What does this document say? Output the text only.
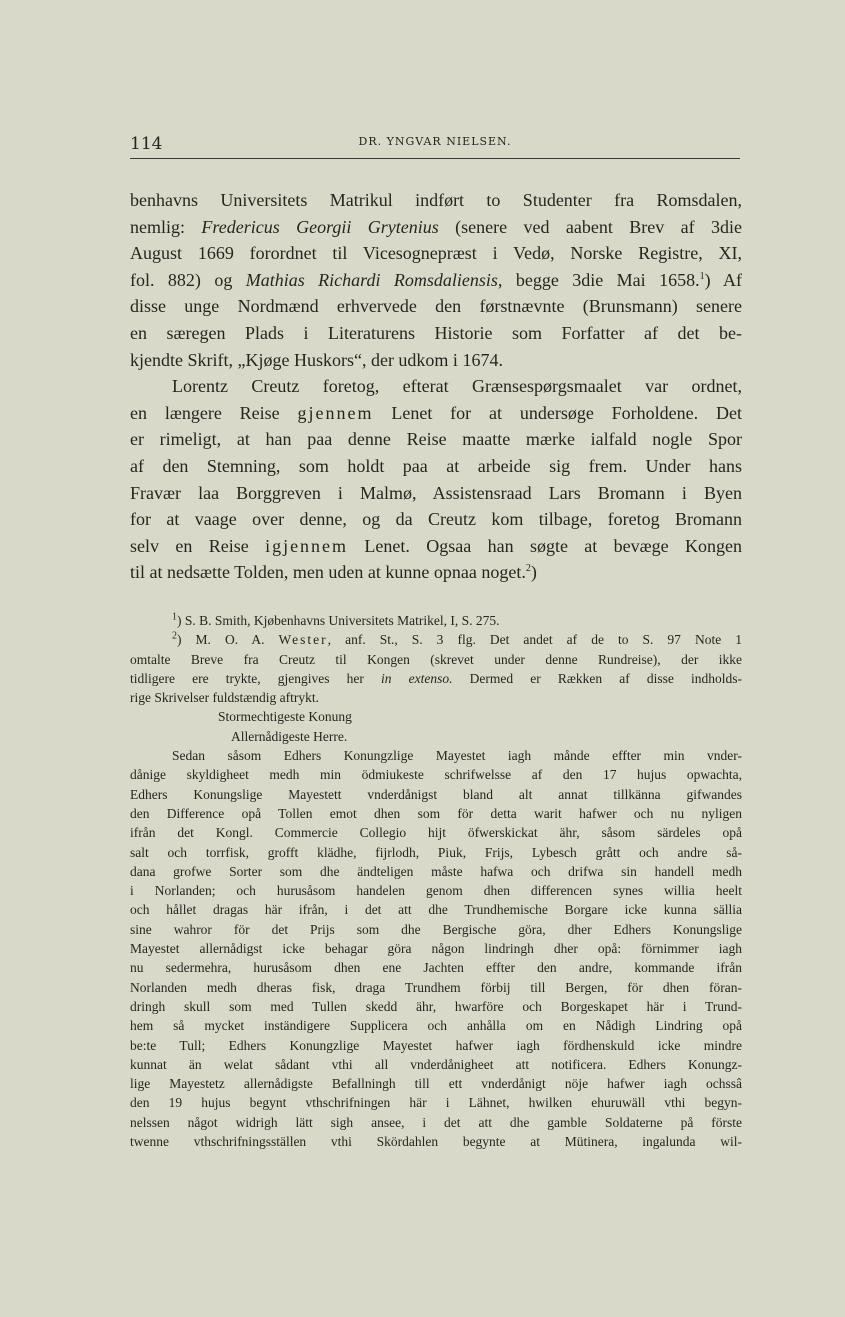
114	DR. YNGVAR NIELSEN.
benhavns Universitets Matrikul indført to Studenter fra Romsdalen,
nemlig: Fredericus Georgii Grytenius (senere ved aabent Brev af 3die
August 1669 forordnet til Vicesognepræst i Vedø, Norske Registre, XI,
fol. 882) og Mathias Richardi Romsdaliensis, begge 3die Mai 1658.$^1$) Af
disse unge Nordmænd erhvervede den førstnævnte (Brunsmann) senere
en særegen Plads i Literaturens Historie som Forfatter af det be-
kjendte Skrift, „Kjøge Huskors“, der udkom i 1674.
Lorentz Creutz foretog, efterat Grænsespørgsmaalet var ordnet,
en længere Reise gjennem Lenet for at undersøge Forholdene. Det
er rimeligt, at han paa denne Reise maatte mærke ialfald nogle Spor
af den Stemning, som holdt paa at arbeide sig frem. Under hans
Fravær laa Borggreven i Malmø, Assistensraad Lars Bromann i Byen
for at vaage over denne, og da Creutz kom tilbage, foretog Bromann
selv en Reise igjennem Lenet. Ogsaa han søgte at bevæge Kongen
til at nedsætte Tolden, men uden at kunne opnaa noget.$^2$)
$^1$) S. B. Smith, Kjøbenhavns Universitets Matrikel, I, S. 275.
$^2$) M. O. A. Wester, anf. St., S. 3 flg. Det andet af de to S. 97 Note 1
omtalte Breve fra Creutz til Kongen (skrevet under denne Rundreise), der ikke
tidligere ere trykte, gjengives her in extenso. Dermed er Rækken af disse indholds-
rige Skrivelser fuldstændig aftrykt.
Stormechtigeste Konung
Allernådigeste Herre.
Sedan såsom Edhers Konungzlige Mayestet iagh månde effter min vnder-
dånige skyldigheet medh min ödmiukeste schrifwelsse af den 17 hujus opwachta,
Edhers Konungslige Mayestett vnderdånigst bland alt annat tillkänna gifwandes
den Difference opå Tollen emot dhen som för detta warit hafwer och nu nyligen
ifrån det Kongl. Commercie Collegio hijt öfwerskickat ähr, såsom särdeles opå
salt och torrfisk, grofft klädhe, fijrlodh, Piuk, Frijs, Lybesch grått och andre så-
dana grofwe Sorter som dhe ändteligen måste hafwa och drifwa sin handell medh
i Norlanden; och hurusåsom handelen genom dhen differencen synes willia heelt
och hållet dragas här ifrån, i det att dhe Trundhemische Borgare icke kunna sällia
sine wahror för det Prijs som dhe Bergische göra, dher Edhers Konungslige
Mayestet allernådigst icke behagar göra någon lindringh dher opå: förnimmer iagh
nu sedermehra, hurusåsom dhen ene Jachten effter den andre, kommande ifrån
Norlanden medh dheras fisk, draga Trundhem förbij till Bergen, för dhen föran-
dringh skull som med Tullen skedd ähr, hwarföre och Borgeskapet här i Trund-
hem så mycket inständigere Supplicera och anhålla om en Nådigh Lindring opå
be:te Tull; Edhers Konungzlige Mayestet hafwer iagh fördhenskuld icke mindre
kunnat än welat sådant vthi all vnderdånigheet att notificera. Edhers Konungz-
lige Mayestetz allernådigste Befallningh till ett vnderdånigt nöje hafwer iagh ochssâ
den 19 hujus begynt vthschrifningen här i Lähnet, hwilken ehuruwäll vthi begyn-
nelssen något widrigh lätt sigh ansee, i det att dhe gamble Soldaterne på förste
twenne vthschrifningsställen vthi Skördahlen begynte at Mütinera, ingalunda wil-
